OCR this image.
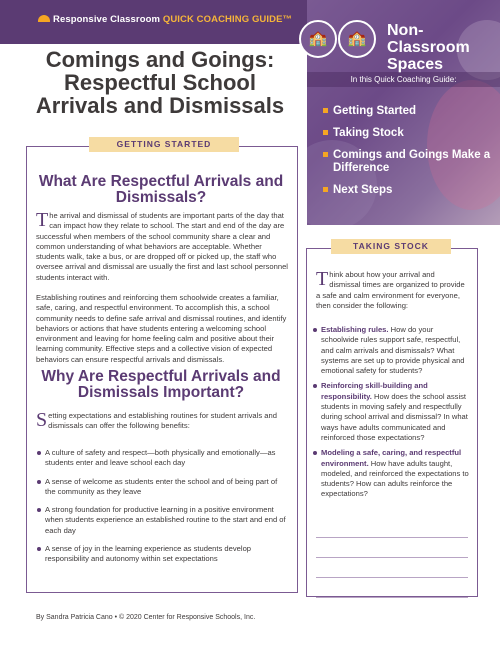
Responsive Classroom QUICK COACHING GUIDE™
🏫	🏫	Non-Classroom Spaces
In this Quick Coaching Guide:
Getting Started
Taking Stock
Comings and Goings Make a Difference
Next Steps
Comings and Goings: Respectful School Arrivals and Dismissals
GETTING STARTED
What Are Respectful Arrivals and Dismissals?

The arrival and dismissal of students are important parts of the day that can impact how they relate to school. The start and end of the day are successful when members of the school community share a clear and common understanding of what behaviors are acceptable. Whether students walk, take a bus, or are dropped off or picked up, the staff who oversee arrival and dismissal are usually the first and last school personnel students interact with.

Establishing routines and reinforcing them schoolwide creates a familiar, safe, caring, and respectful environment. To accomplish this, a school community needs to define safe arrival and dismissal routines, and identify behaviors or actions that have students entering a welcoming school environment and leaving for home feeling calm and positive about their learning community. Effective steps and a collective vision of expected behaviors can ensure respectful arrivals and dismissals.

Why Are Respectful Arrivals and Dismissals Important?

Setting expectations and establishing routines for student arrivals and dismissals can offer the following benefits:

A culture of safety and respect—both physically and emotionally—as students enter and leave school each day
A sense of welcome as students enter the school and of being part of the community as they leave
A strong foundation for productive learning in a positive environment when students experience an established routine to the start and end of each day
A sense of joy in the learning experience as students develop responsibility and autonomy within set expectations
TAKING STOCK

Think about how your arrival and dismissal times are organized to provide a safe and calm environment for everyone, then consider the following:

Establishing rules. How do your schoolwide rules support safe, respectful, and calm arrivals and dismissals? What systems are set up to provide physical and emotional safety for students?
Reinforcing skill-building and responsibility. How does the school assist students in moving safely and respectfully during school arrival and dismissal? In what ways have adults communicated and reinforced those expectations?
Modeling a safe, caring, and respectful environment. How have adults taught, modeled, and reinforced the expectations to students? How can adults reinforce the expectations?
By Sandra Patricia Cano • © 2020 Center for Responsive Schools, Inc.
